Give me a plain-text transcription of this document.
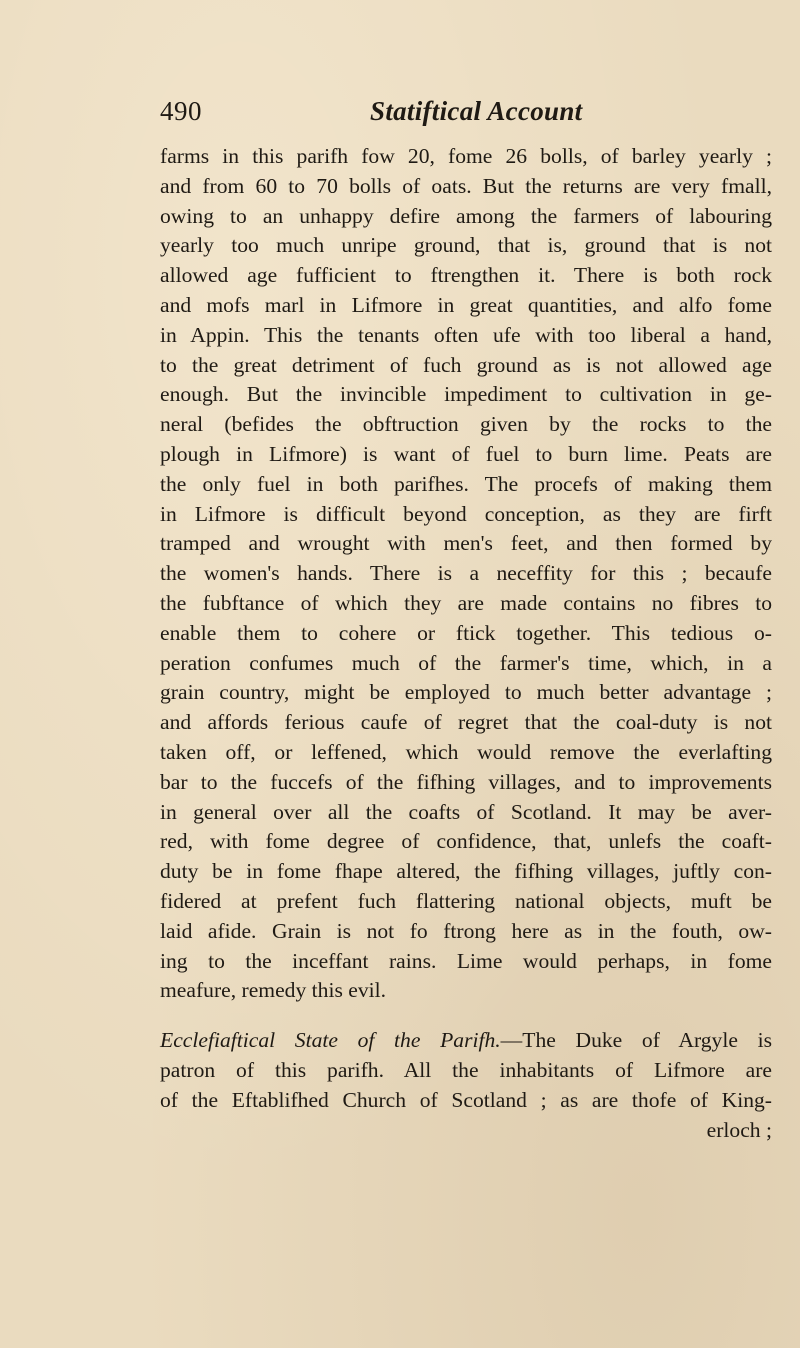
490	Statiftical Account
farms in this parifh fow 20, fome 26 bolls, of barley yearly ;
and from 60 to 70 bolls of oats. But the returns are very fmall,
owing to an unhappy defire among the farmers of labouring
yearly too much unripe ground, that is, ground that is not
allowed age fufficient to ftrengthen it. There is both rock
and mofs marl in Lifmore in great quantities, and alfo fome
in Appin. This the tenants often ufe with too liberal a hand,
to the great detriment of fuch ground as is not allowed age
enough. But the invincible impediment to cultivation in ge-
neral (befides the obftruction given by the rocks to the
plough in Lifmore) is want of fuel to burn lime. Peats are
the only fuel in both parifhes. The procefs of making them
in Lifmore is difficult beyond conception, as they are firft
tramped and wrought with men's feet, and then formed by
the women's hands. There is a neceffity for this ; becaufe
the fubftance of which they are made contains no fibres to
enable them to cohere or ftick together. This tedious o-
peration confumes much of the farmer's time, which, in a
grain country, might be employed to much better advantage ;
and affords ferious caufe of regret that the coal-duty is not
taken off, or leffened, which would remove the everlafting
bar to the fuccefs of the fifhing villages, and to improvements
in general over all the coafts of Scotland. It may be aver-
red, with fome degree of confidence, that, unlefs the coaft-
duty be in fome fhape altered, the fifhing villages, juftly con-
fidered at prefent fuch flattering national objects, muft be
laid afide. Grain is not fo ftrong here as in the fouth, ow-
ing to the inceffant rains. Lime would perhaps, in fome
meafure, remedy this evil.
Ecclefiaftical State of the Parifh.—The Duke of Argyle is
patron of this parifh. All the inhabitants of Lifmore are
of the Eftablifhed Church of Scotland ; as are thofe of King-
erloch ;
